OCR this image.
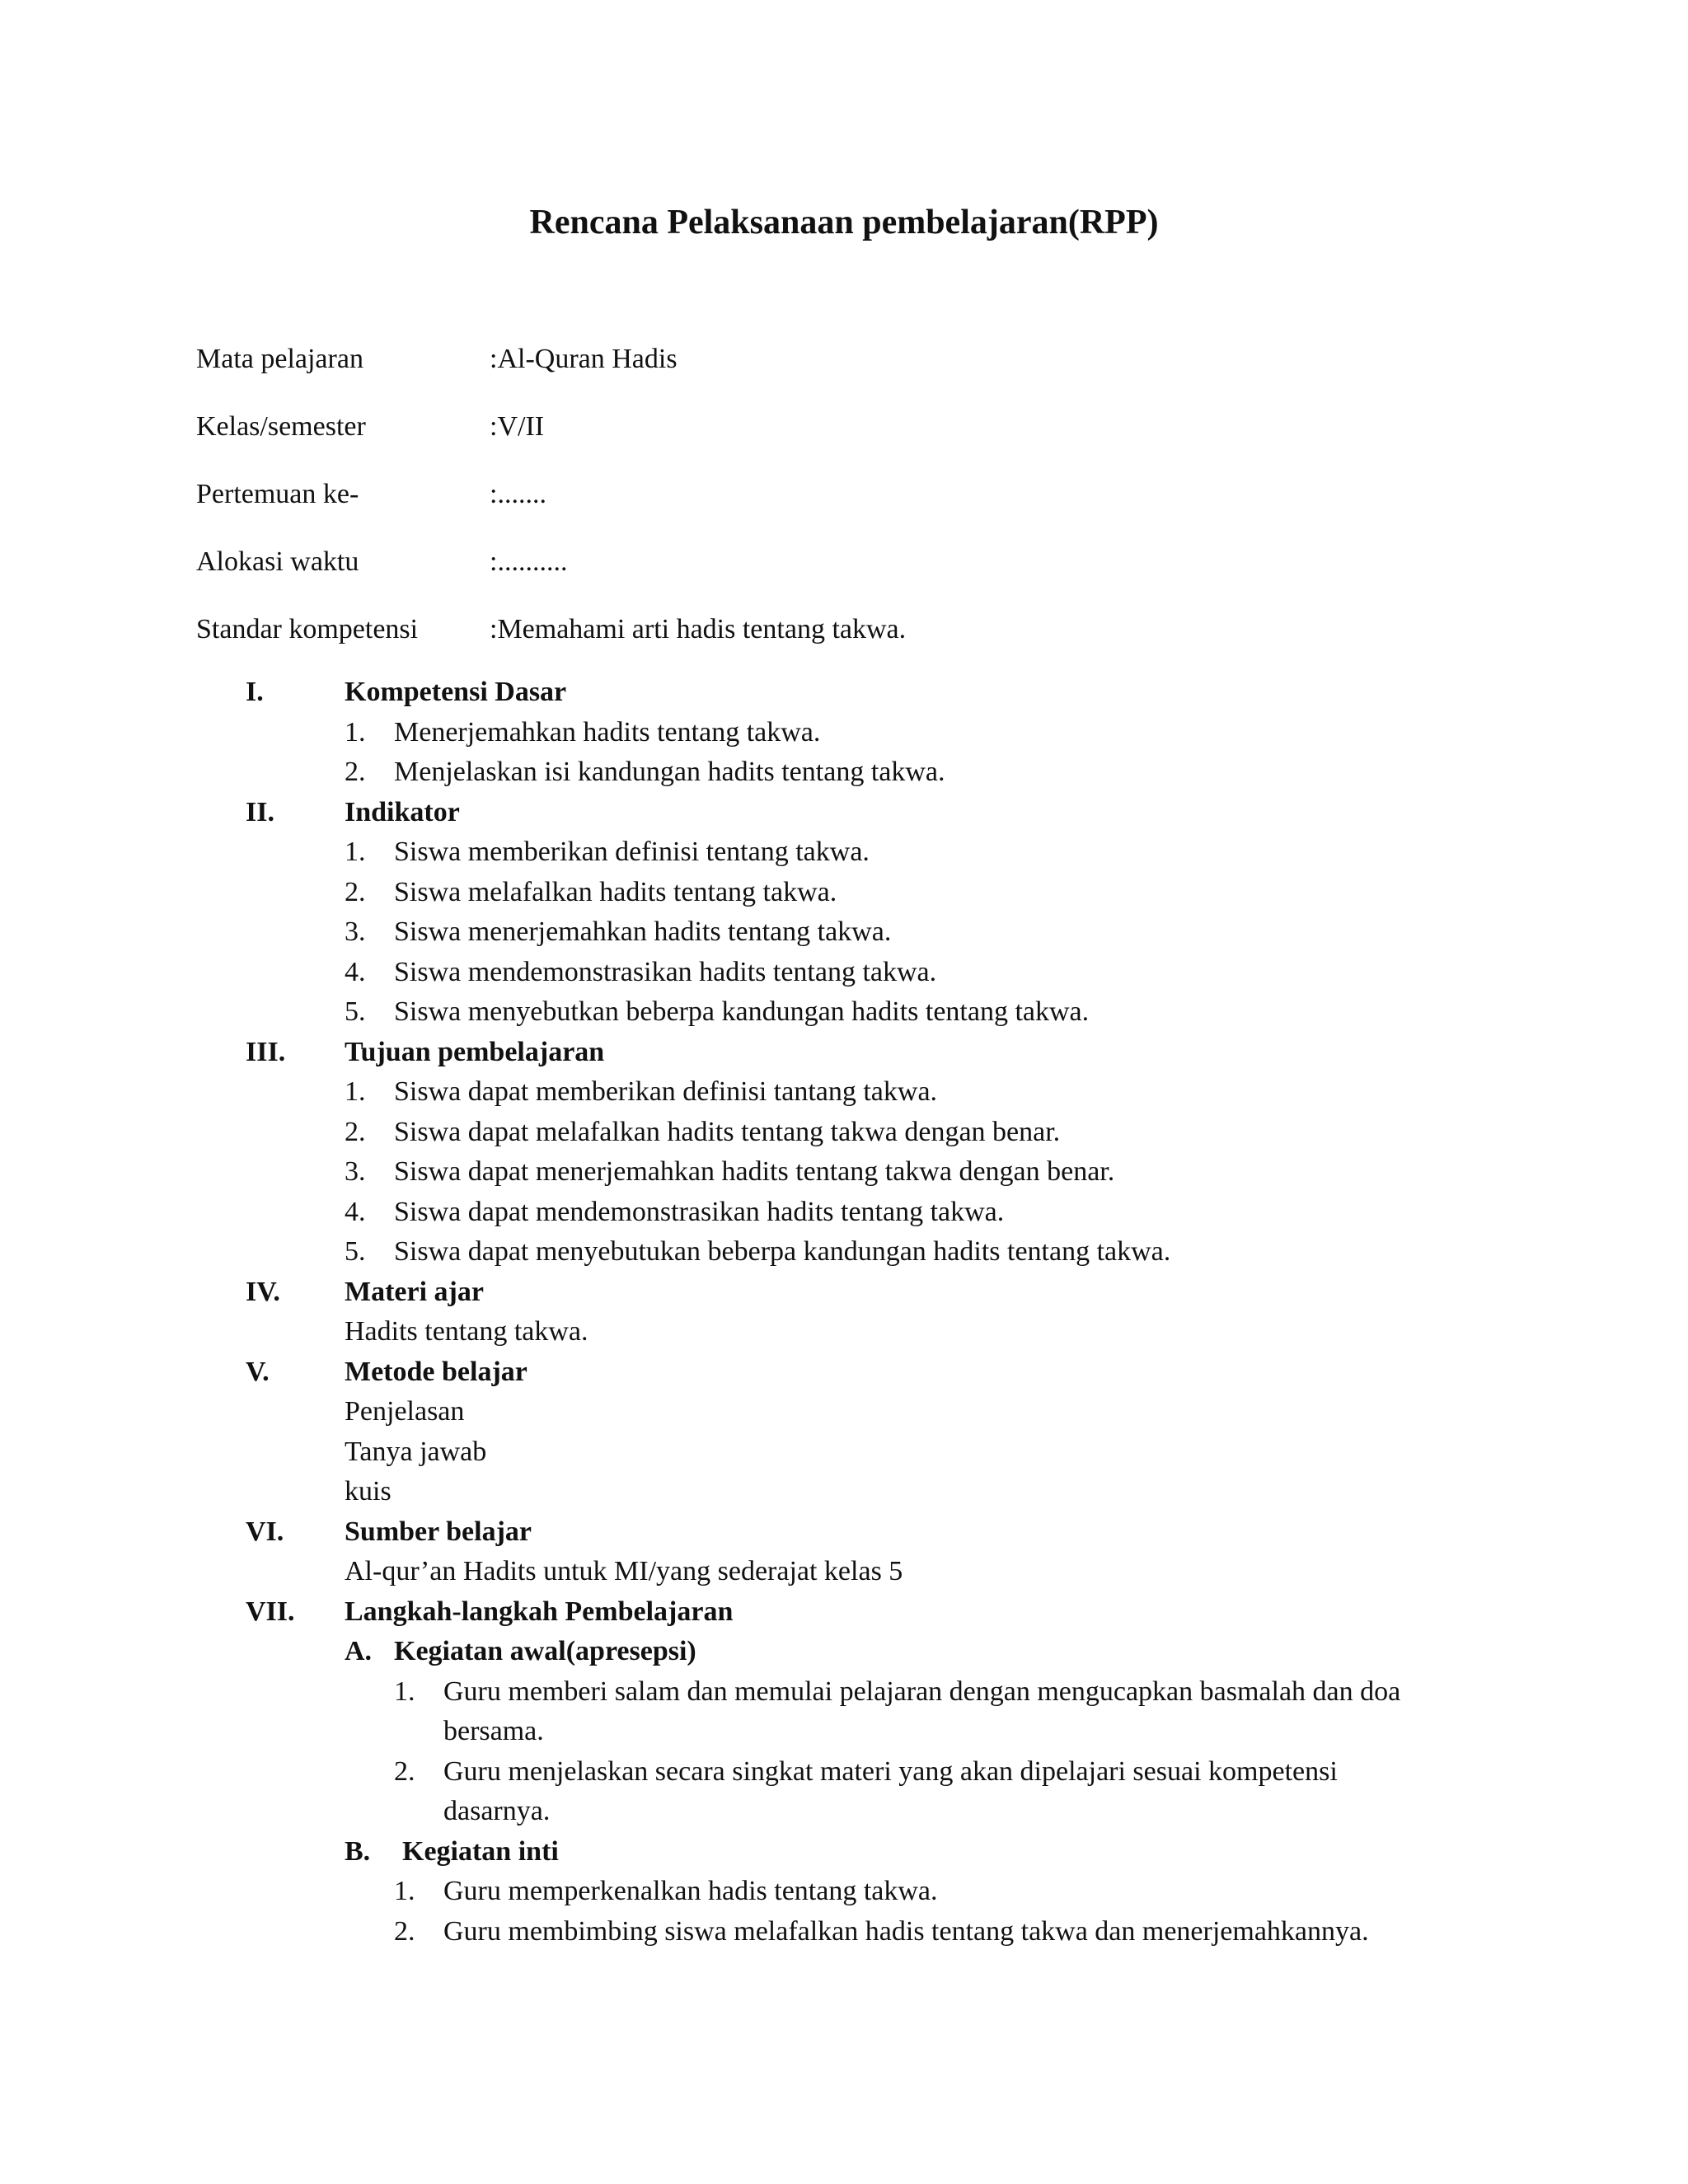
Rencana Pelaksanaan pembelajaran(RPP)
Mata pelajaran	:Al-Quran Hadis
Kelas/semester	:V/II
Pertemuan ke-	:.......
Alokasi waktu	:..........
Standar kompetensi	:Memahami arti hadis tentang takwa.
I.	Kompetensi Dasar
1.	Menerjemahkan hadits tentang takwa.
2.	Menjelaskan isi kandungan hadits tentang takwa.
II.	Indikator
1.	Siswa memberikan definisi tentang takwa.
2.	Siswa melafalkan hadits tentang takwa.
3.	Siswa menerjemahkan hadits tentang takwa.
4.	Siswa mendemonstrasikan hadits tentang takwa.
5.	Siswa menyebutkan beberpa kandungan hadits tentang takwa.
III. Tujuan pembelajaran
1.	Siswa dapat memberikan definisi tantang takwa.
2.	Siswa dapat melafalkan hadits tentang takwa dengan benar.
3.	Siswa dapat menerjemahkan hadits tentang takwa dengan benar.
4.	Siswa dapat mendemonstrasikan hadits tentang takwa.
5.	Siswa dapat menyebutukan beberpa kandungan hadits tentang takwa.
IV. Materi ajar
Hadits tentang takwa.
V.	Metode belajar
Penjelasan
Tanya jawab
kuis
VI. Sumber belajar
Al-qur’an Hadits untuk MI/yang sederajat kelas 5
VII. Langkah-langkah Pembelajaran
A. Kegiatan awal(apresepsi)
1. Guru memberi salam dan memulai pelajaran dengan mengucapkan basmalah dan doa
bersama.
2. Guru menjelaskan secara singkat materi yang akan dipelajari sesuai kompetensi
dasarnya.
B. Kegiatan inti
1. Guru memperkenalkan hadis tentang takwa.
2. Guru membimbing siswa melafalkan hadis tentang takwa dan menerjemahkannya.
